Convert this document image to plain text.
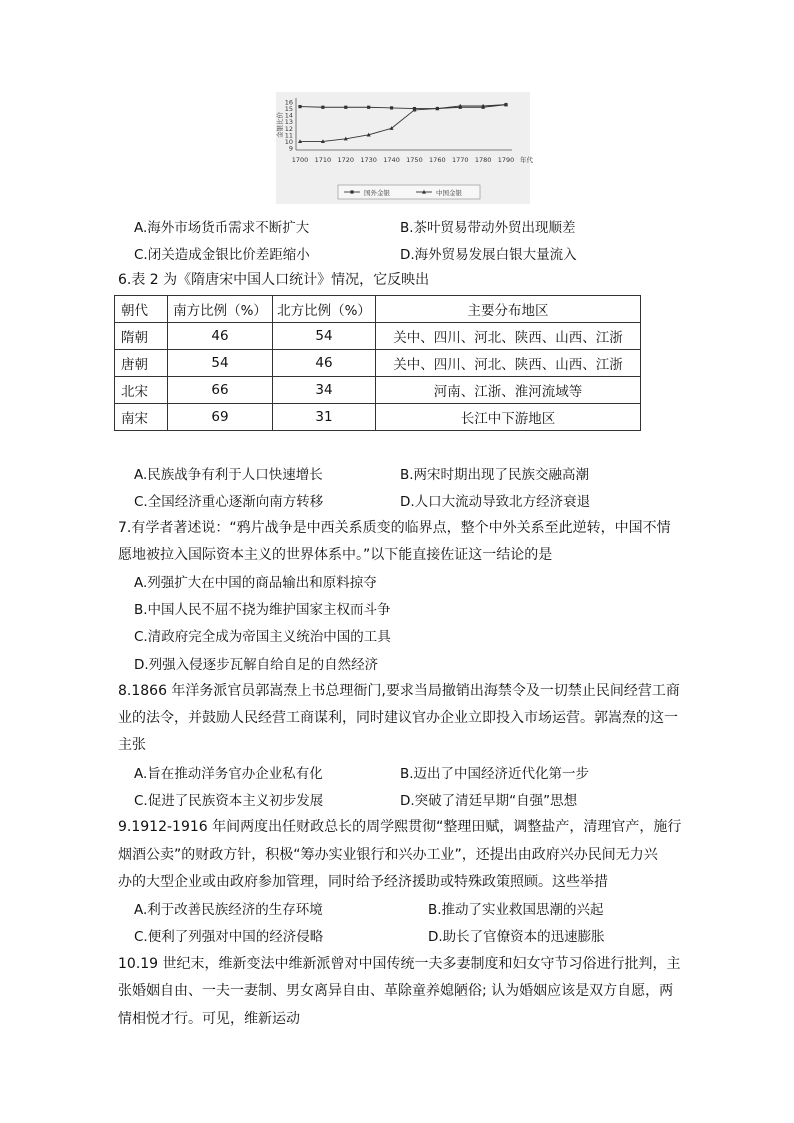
16
15
14
13
12
11
10
9
金银比价
1700 1710 1720 1730 1740 1750 1760 1770 1780 1790 年代
国外金银	中国金银
A.海外市场货币需求不断扩大	B.茶叶贸易带动外贸出现顺差
C.闭关造成金银比价差距缩小	D.海外贸易发展白银大量流入
6.表 2 为《隋唐宋中国人口统计》情况，它反映出
朝代	南方比例（%）	北方比例（%）	主要分布地区
隋朝	46	54	关中、四川、河北、陕西、山西、江浙
唐朝	54	46	关中、四川、河北、陕西、山西、江浙
北宋	66	34	河南、江浙、淮河流域等
南宋	69	31	长江中下游地区
A.民族战争有利于人口快速增长	B.两宋时期出现了民族交融高潮
C.全国经济重心逐渐向南方转移	D.人口大流动导致北方经济衰退
7.有学者著述说：“鸦片战争是中西关系质变的临界点，整个中外关系至此逆转，中国不情
愿地被拉入国际资本主义的世界体系中。”以下能直接佐证这一结论的是
A.列强扩大在中国的商品输出和原料掠夺
B.中国人民不屈不挠为维护国家主权而斗争
C.清政府完全成为帝国主义统治中国的工具
D.列强入侵逐步瓦解自给自足的自然经济
8.1866 年洋务派官员郭嵩焘上书总理衙门,要求当局撤销出海禁令及一切禁止民间经营工商
业的法令，并鼓励人民经营工商谋利，同时建议官办企业立即投入市场运营。郭嵩焘的这一
主张
A.旨在推动洋务官办企业私有化	B.迈出了中国经济近代化第一步
C.促进了民族资本主义初步发展	D.突破了清廷早期“自强”思想
9.1912-1916 年间两度出任财政总长的周学熙贯彻“整理田赋，调整盐产，清理官产，施行
烟酒公卖”的财政方针，积极“筹办实业银行和兴办工业”，还提出由政府兴办民间无力兴
办的大型企业或由政府参加管理，同时给予经济援助或特殊政策照顾。这些举措
A.利于改善民族经济的生存环境	B.推动了实业救国思潮的兴起
C.便利了列强对中国的经济侵略	D.助长了官僚资本的迅速膨胀
10.19 世纪末，维新变法中维新派曾对中国传统一夫多妻制度和妇女守节习俗进行批判，主
张婚姻自由、一夫一妻制、男女离异自由、革除童养媳陋俗; 认为婚姻应该是双方自愿，两
情相悦才行。可见，维新运动
